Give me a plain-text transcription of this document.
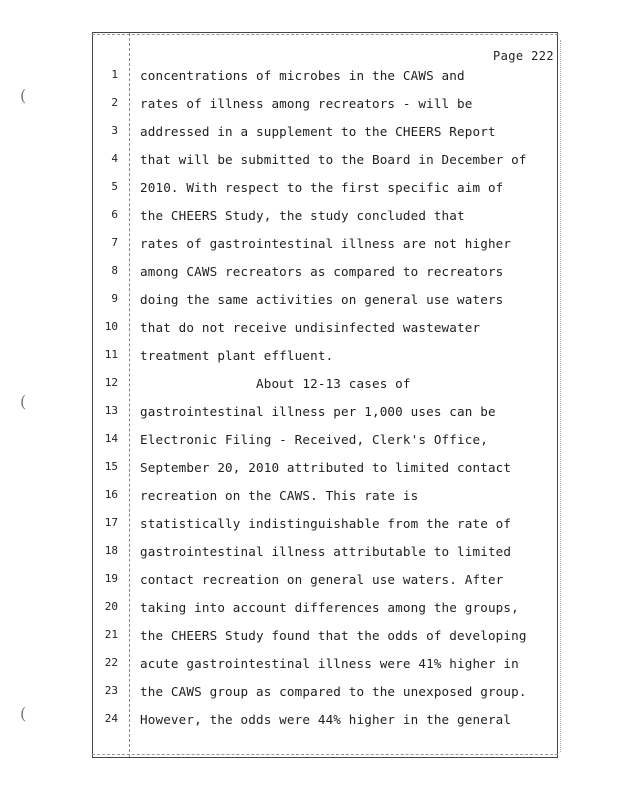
(
(
(
Page 222
1 concentrations of microbes in the CAWS and
2 rates of illness among recreators - will be
3 addressed in a supplement to the CHEERS Report
4 that will be submitted to the Board in December of
5 2010. With respect to the first specific aim of
6 the CHEERS Study, the study concluded that
7 rates of gastrointestinal illness are not higher
8 among CAWS recreators as compared to recreators
9 doing the same activities on general use waters
10 that do not receive undisinfected wastewater
11 treatment plant effluent.
12 About 12-13 cases of
13 gastrointestinal illness per 1,000 uses can be
14 Electronic Filing - Received, Clerk's Office,
15 September 20, 2010 attributed to limited contact
16 recreation on the CAWS. This rate is
17 statistically indistinguishable from the rate of
18 gastrointestinal illness attributable to limited
19 contact recreation on general use waters. After
20 taking into account differences among the groups,
21 the CHEERS Study found that the odds of developing
22 acute gastrointestinal illness were 41% higher in
23 the CAWS group as compared to the unexposed group.
24 However, the odds were 44% higher in the general
